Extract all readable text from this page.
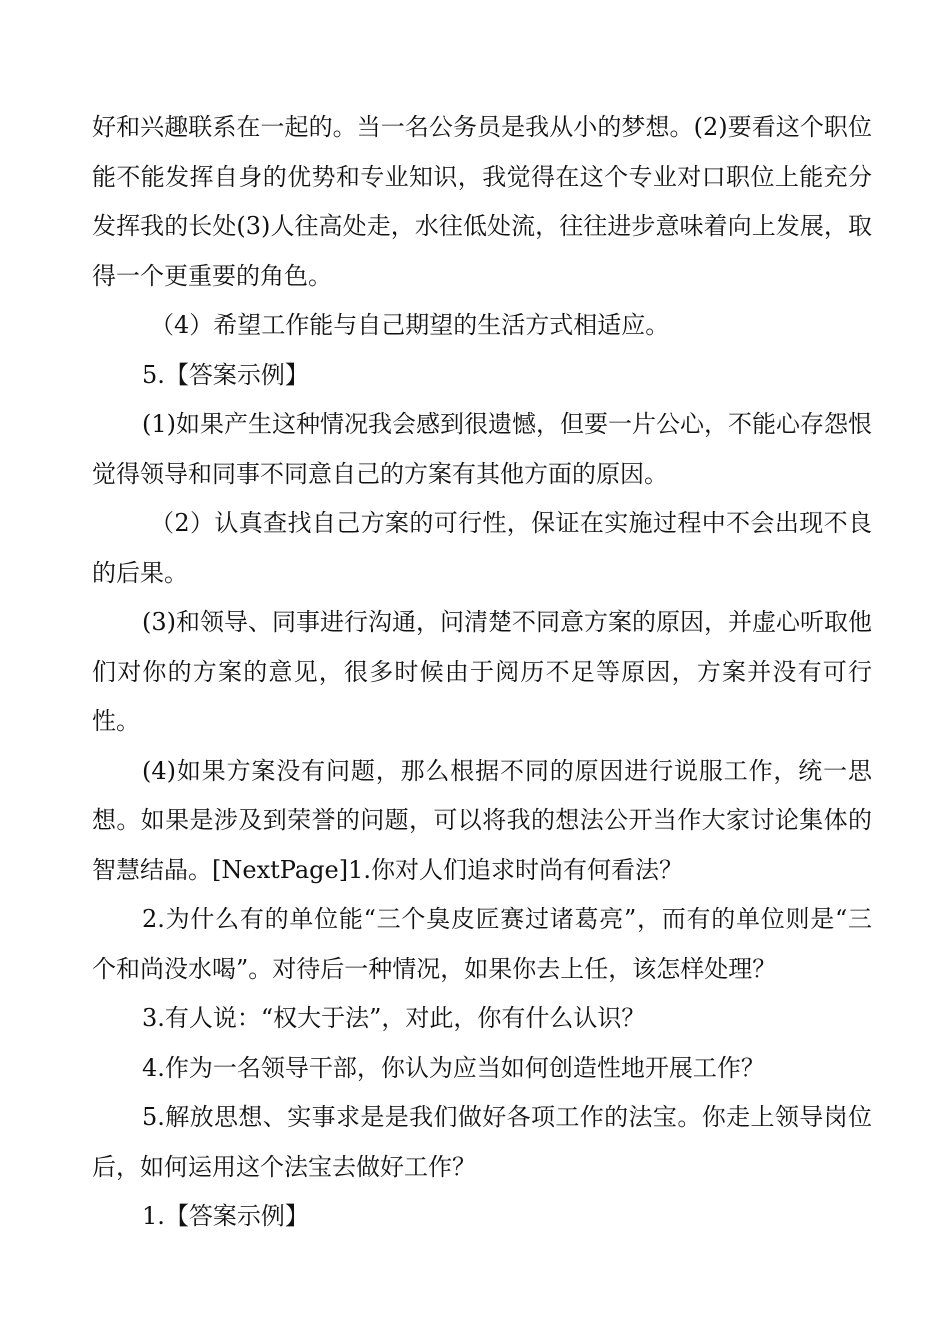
好和兴趣联系在一起的。当一名公务员是我从小的梦想。(2)要看这个职位能不能发挥自身的优势和专业知识，我觉得在这个专业对口职位上能充分发挥我的长处(3)人往高处走，水往低处流，往往进步意味着向上发展，取得一个更重要的角色。

（4）希望工作能与自己期望的生活方式相适应。

5.【答案示例】

(1)如果产生这种情况我会感到很遗憾，但要一片公心，不能心存怨恨觉得领导和同事不同意自己的方案有其他方面的原因。

（2）认真查找自己方案的可行性，保证在实施过程中不会出现不良的后果。

(3)和领导、同事进行沟通，问清楚不同意方案的原因，并虚心听取他们对你的方案的意见，很多时候由于阅历不足等原因，方案并没有可行性。

(4)如果方案没有问题，那么根据不同的原因进行说服工作，统一思想。如果是涉及到荣誉的问题，可以将我的想法公开当作大家讨论集体的智慧结晶。[NextPage]1.你对人们追求时尚有何看法？

2.为什么有的单位能“三个臭皮匠赛过诸葛亮”，而有的单位则是“三个和尚没水喝”。对待后一种情况，如果你去上任，该怎样处理？

3.有人说：“权大于法”，对此，你有什么认识？

4.作为一名领导干部，你认为应当如何创造性地开展工作？

5.解放思想、实事求是是我们做好各项工作的法宝。你走上领导岗位后，如何运用这个法宝去做好工作？

1.【答案示例】
